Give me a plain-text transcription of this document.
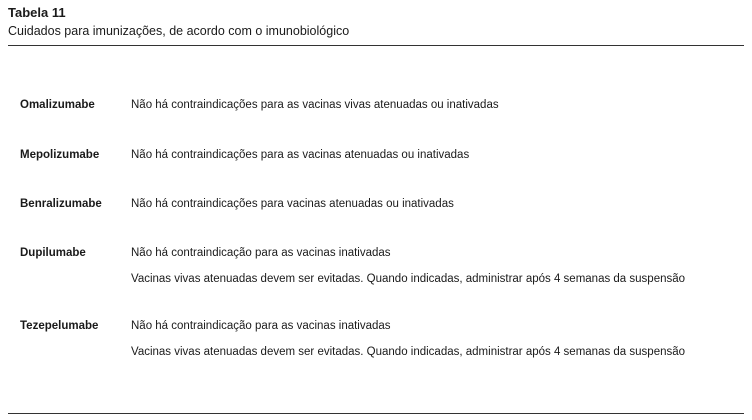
Tabela 11
Cuidados para imunizações, de acordo com o imunobiológico
Omalizumabe	Não há contraindicações para as vacinas vivas atenuadas ou inativadas
Mepolizumabe	Não há contraindicações para as vacinas atenuadas ou inativadas
Benralizumabe	Não há contraindicações para vacinas atenuadas ou inativadas
Dupilumabe	Não há contraindicação para as vacinas inativadas
Vacinas vivas atenuadas devem ser evitadas. Quando indicadas, administrar após 4 semanas da suspensão
Tezepelumabe	Não há contraindicação para as vacinas inativadas
Vacinas vivas atenuadas devem ser evitadas. Quando indicadas, administrar após 4 semanas da suspensão
